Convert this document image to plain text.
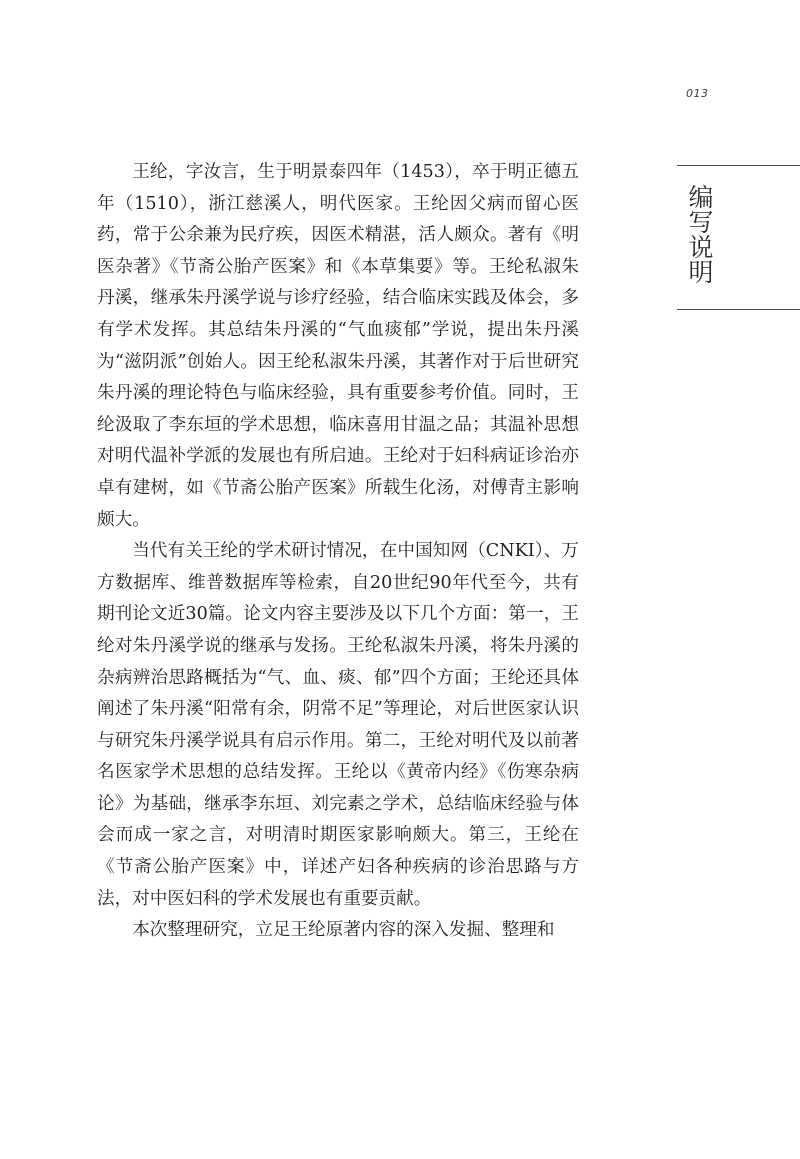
013
编写说明

王纶，字汝言，生于明景泰四年（1453），卒于明正德五年（1510），浙江慈溪人，明代医家。王纶因父病而留心医药，常于公余兼为民疗疾，因医术精湛，活人颇众。著有《明医杂著》《节斋公胎产医案》和《本草集要》等。王纶私淑朱丹溪，继承朱丹溪学说与诊疗经验，结合临床实践及体会，多有学术发挥。其总结朱丹溪的“气血痰郁”学说，提出朱丹溪为“滋阴派”创始人。因王纶私淑朱丹溪，其著作对于后世研究朱丹溪的理论特色与临床经验，具有重要参考价值。同时，王纶汲取了李东垣的学术思想，临床喜用甘温之品；其温补思想对明代温补学派的发展也有所启迪。王纶对于妇科病证诊治亦卓有建树，如《节斋公胎产医案》所载生化汤，对傅青主影响颇大。

当代有关王纶的学术研讨情况，在中国知网（CNKI）、万方数据库、维普数据库等检索，自20世纪90年代至今，共有期刊论文近30篇。论文内容主要涉及以下几个方面：第一，王纶对朱丹溪学说的继承与发扬。王纶私淑朱丹溪，将朱丹溪的杂病辨治思路概括为“气、血、痰、郁”四个方面；王纶还具体阐述了朱丹溪“阳常有余，阴常不足”等理论，对后世医家认识与研究朱丹溪学说具有启示作用。第二，王纶对明代及以前著名医家学术思想的总结发挥。王纶以《黄帝内经》《伤寒杂病论》为基础，继承李东垣、刘完素之学术，总结临床经验与体会而成一家之言，对明清时期医家影响颇大。第三，王纶在《节斋公胎产医案》中，详述产妇各种疾病的诊治思路与方法，对中医妇科的学术发展也有重要贡献。

本次整理研究，立足王纶原著内容的深入发掘、整理和
